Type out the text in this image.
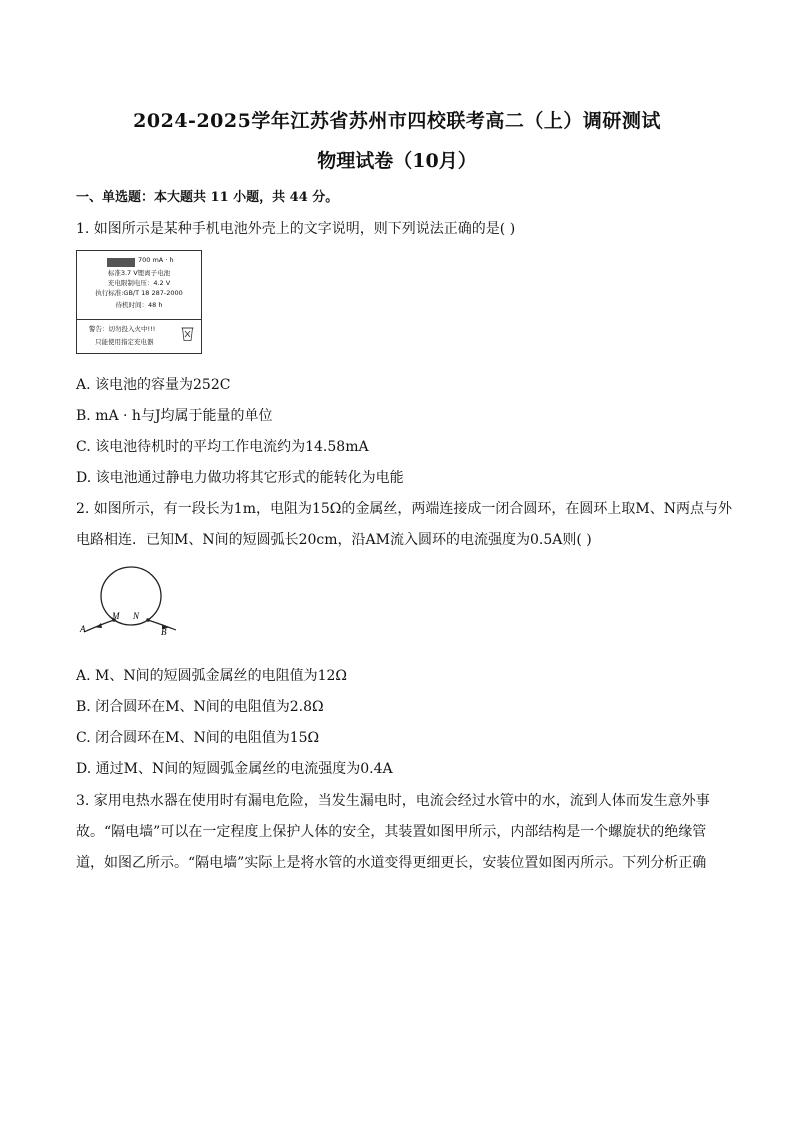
2024-2025学年江苏省苏州市四校联考高二（上）调研测试
物理试卷（10月）
一、单选题：本大题共 11 小题，共 44 分。
1. 如图所示是某种手机电池外壳上的文字说明，则下列说法正确的是( )
700 mA · h
标准3.7 V锂离子电池
充电限制电压：4.2 V
执行标准:GB/T 18 287-2000
待机时间：48 h
警告：切勿投入火中!!!
只能使用指定充电器
A. 该电池的容量为252C
B. mA · h与J均属于能量的单位
C. 该电池待机时的平均工作电流约为14.58mA
D. 该电池通过静电力做功将其它形式的能转化为电能
2. 如图所示，有一段长为1m，电阻为15Ω的金属丝，两端连接成一闭合圆环，在圆环上取M、N两点与外
电路相连．已知M、N间的短圆弧长20cm，沿AM流入圆环的电流强度为0.5A则( )
A
M N
B
A. M、N间的短圆弧金属丝的电阻值为12Ω
B. 闭合圆环在M、N间的电阻值为2.8Ω
C. 闭合圆环在M、N间的电阻值为15Ω
D. 通过M、N间的短圆弧金属丝的电流强度为0.4A
3. 家用电热水器在使用时有漏电危险，当发生漏电时，电流会经过水管中的水，流到人体而发生意外事
故。“隔电墙”可以在一定程度上保护人体的安全，其装置如图甲所示，内部结构是一个螺旋状的绝缘管
道，如图乙所示。“隔电墙”实际上是将水管的水道变得更细更长，安装位置如图丙所示。下列分析正确
